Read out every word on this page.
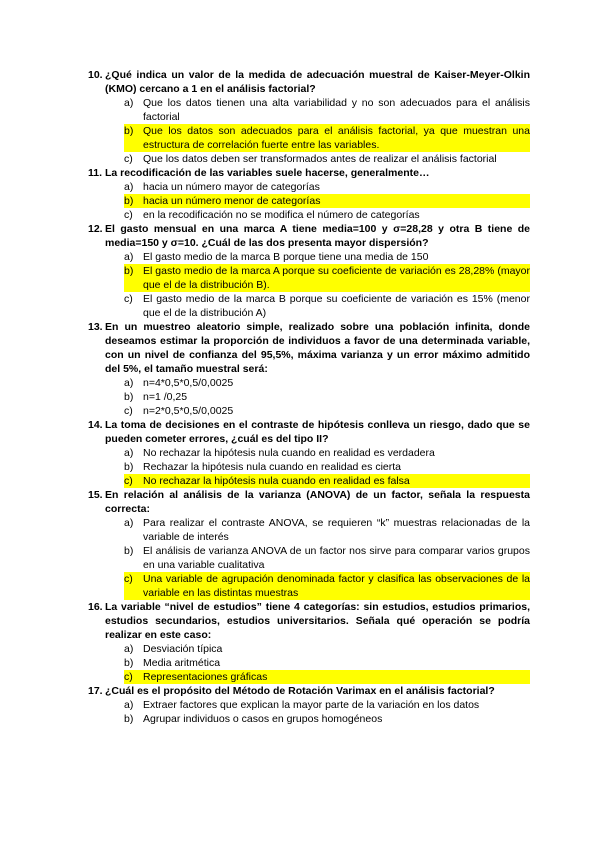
10. ¿Qué indica un valor de la medida de adecuación muestral de Kaiser-Meyer-Olkin (KMO) cercano a 1 en el análisis factorial?
a) Que los datos tienen una alta variabilidad y no son adecuados para el análisis factorial
b) Que los datos son adecuados para el análisis factorial, ya que muestran una estructura de correlación fuerte entre las variables.
c) Que los datos deben ser transformados antes de realizar el análisis factorial
11. La recodificación de las variables suele hacerse, generalmente…
a) hacia un número mayor de categorías
b) hacia un número menor de categorías
c) en la recodificación no se modifica el número de categorías
12. El gasto mensual en una marca A tiene media=100 y σ=28,28 y otra B tiene de media=150 y σ=10. ¿Cuál de las dos presenta mayor dispersión?
a) El gasto medio de la marca B porque tiene una media de 150
b) El gasto medio de la marca A porque su coeficiente de variación es 28,28% (mayor que el de la distribución B).
c) El gasto medio de la marca B porque su coeficiente de variación es 15% (menor que el de la distribución A)
13. En un muestreo aleatorio simple, realizado sobre una población infinita, donde deseamos estimar la proporción de individuos a favor de una determinada variable, con un nivel de confianza del 95,5%, máxima varianza y un error máximo admitido del 5%, el tamaño muestral será:
a) n=4*0,5*0,5/0,0025
b) n=1 /0,25
c) n=2*0,5*0,5/0,0025
14. La toma de decisiones en el contraste de hipótesis conlleva un riesgo, dado que se pueden cometer errores, ¿cuál es del tipo II?
a) No rechazar la hipótesis nula cuando en realidad es verdadera
b) Rechazar la hipótesis nula cuando en realidad es cierta
c) No rechazar la hipótesis nula cuando en realidad es falsa
15. En relación al análisis de la varianza (ANOVA) de un factor, señala la respuesta correcta:
a) Para realizar el contraste ANOVA, se requieren “k” muestras relacionadas de la variable de interés
b) El análisis de varianza ANOVA de un factor nos sirve para comparar varios grupos en una variable cualitativa
c) Una variable de agrupación denominada factor y clasifica las observaciones de la variable en las distintas muestras
16. La variable “nivel de estudios” tiene 4 categorías: sin estudios, estudios primarios, estudios secundarios, estudios universitarios. Señala qué operación se podría realizar en este caso:
a) Desviación típica
b) Media aritmética
c) Representaciones gráficas
17. ¿Cuál es el propósito del Método de Rotación Varimax en el análisis factorial?
a) Extraer factores que explican la mayor parte de la variación en los datos
b) Agrupar individuos o casos en grupos homogéneos
